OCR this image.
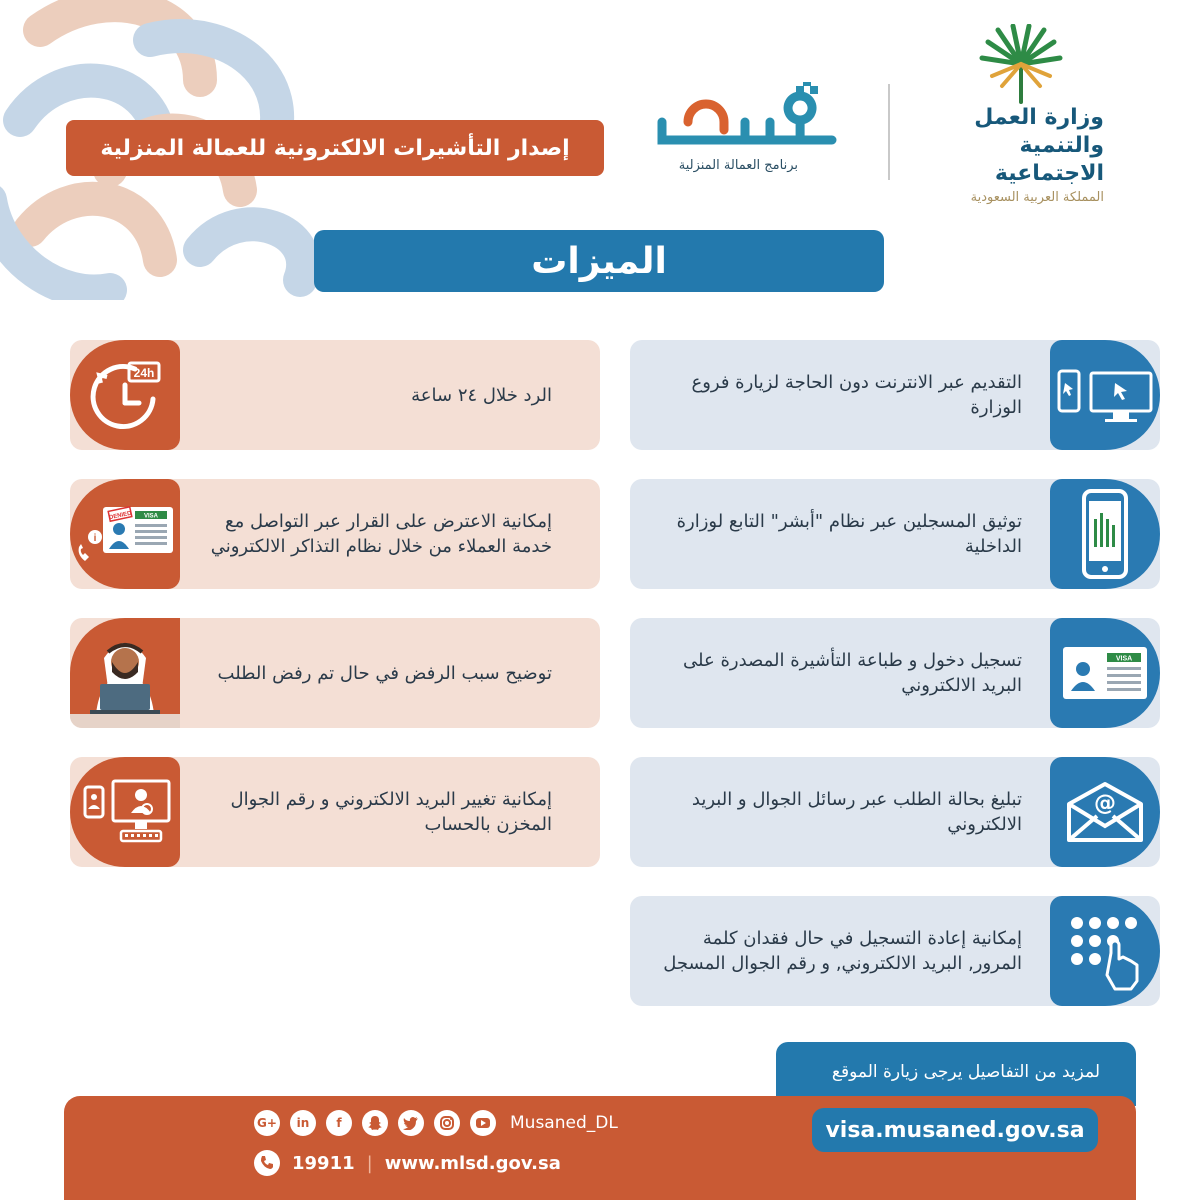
وزارة العمل
والتنمية الاجتماعية
المملكة العربية السعودية
برنامج العمالة المنزلية
إصدار التأشيرات الالكترونية للعمالة المنزلية
الميزات
التقديم عبر الانترنت دون الحاجة لزيارة فروع الوزارة
توثيق المسجلين عبر نظام "أبشر" التابع لوزارة الداخلية
تسجيل دخول و طباعة التأشيرة المصدرة على البريد الالكتروني
VISA
تبليغ بحالة الطلب عبر رسائل الجوال و البريد الالكتروني
@
إمكانية إعادة التسجيل في حال فقدان كلمة المرور, البريد الالكتروني, و رقم الجوال المسجل
الرد خلال ٢٤ ساعة
24h
إمكانية الاعترض على القرار عبر التواصل مع خدمة العملاء من خلال نظام التذاكر الالكتروني
VISA
DENIED
i
توضيح سبب الرفض في حال تم رفض الطلب
إمكانية تغيير البريد الالكتروني و رقم الجوال المخزن بالحساب
لمزيد من التفاصيل يرجى زيارة الموقع
visa.musaned.gov.sa
G+	in	f	Musaned_DL
19911 | www.mlsd.gov.sa
